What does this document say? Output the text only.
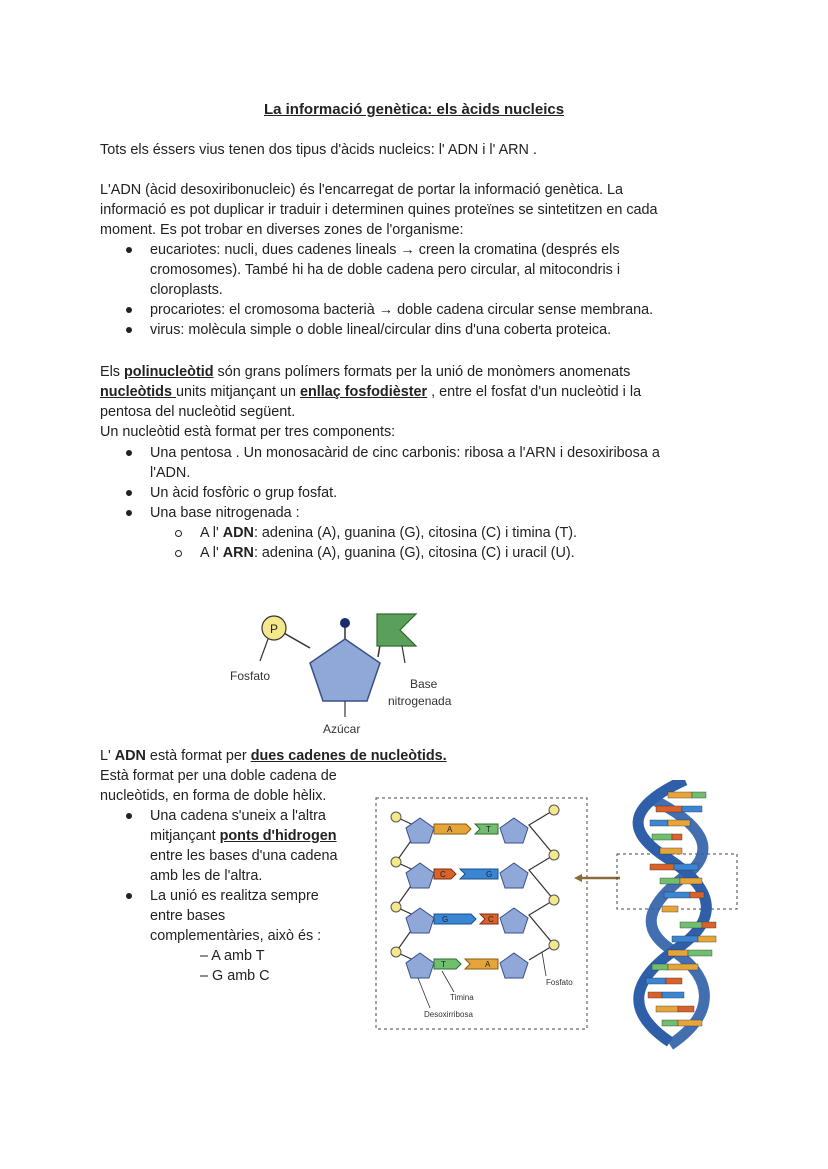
La informació genètica: els àcids nucleics
Tots els éssers vius tenen dos tipus d'àcids nucleics: l' ADN i l' ARN .
L'ADN (àcid desoxiribonucleic) és l'encarregat de portar la informació genètica. La
informació es pot duplicar ir traduir i determinen quines proteïnes se sintetitzen en cada
moment. Es pot trobar en diverses zones de l'organisme:
eucariotes: nucli, dues cadenes lineals → creen la cromatina (després els
cromosomes). També hi ha de doble cadena pero circular, al mitocondris i
cloroplasts.
procariotes: el cromosoma bacterià → doble cadena circular sense membrana.
virus: molècula simple o doble lineal/circular dins d'una coberta proteica.
Els polinucleòtid són grans polímers formats per la unió de monòmers anomenats
nucleòtids units mitjançant un enllaç fosfodièster , entre el fosfat d'un nucleòtid i la
pentosa del nucleòtid següent.
Un nucleòtid està format per tres components:
Una pentosa . Un monosacàrid de cinc carbonis: ribosa a l'ARN i desoxiribosa a
l'ADN.
Un àcid fosfòric o grup fosfat.
Una base nitrogenada :
A l' ADN: adenina (A), guanina (G), citosina (C) i timina (T).
A l' ARN: adenina (A), guanina (G), citosina (C) i uracil (U).
P
Fosfato
Base
nitrogenada
Azúcar
L' ADN està format per dues cadenes de nucleòtids.
Està format per una doble cadena de
nucleòtids, en forma de doble hèlix.
Una cadena s'uneix a l'altra
mitjançant ponts d'hidrogen
entre les bases d'una cadena
amb les de l'altra.
La unió es realitza sempre
entre bases
complementàries, això és :
– A amb T
– G amb C
A	T
C	G
G	C
T	A
Timina
Desoxirribosa
Fosfato
